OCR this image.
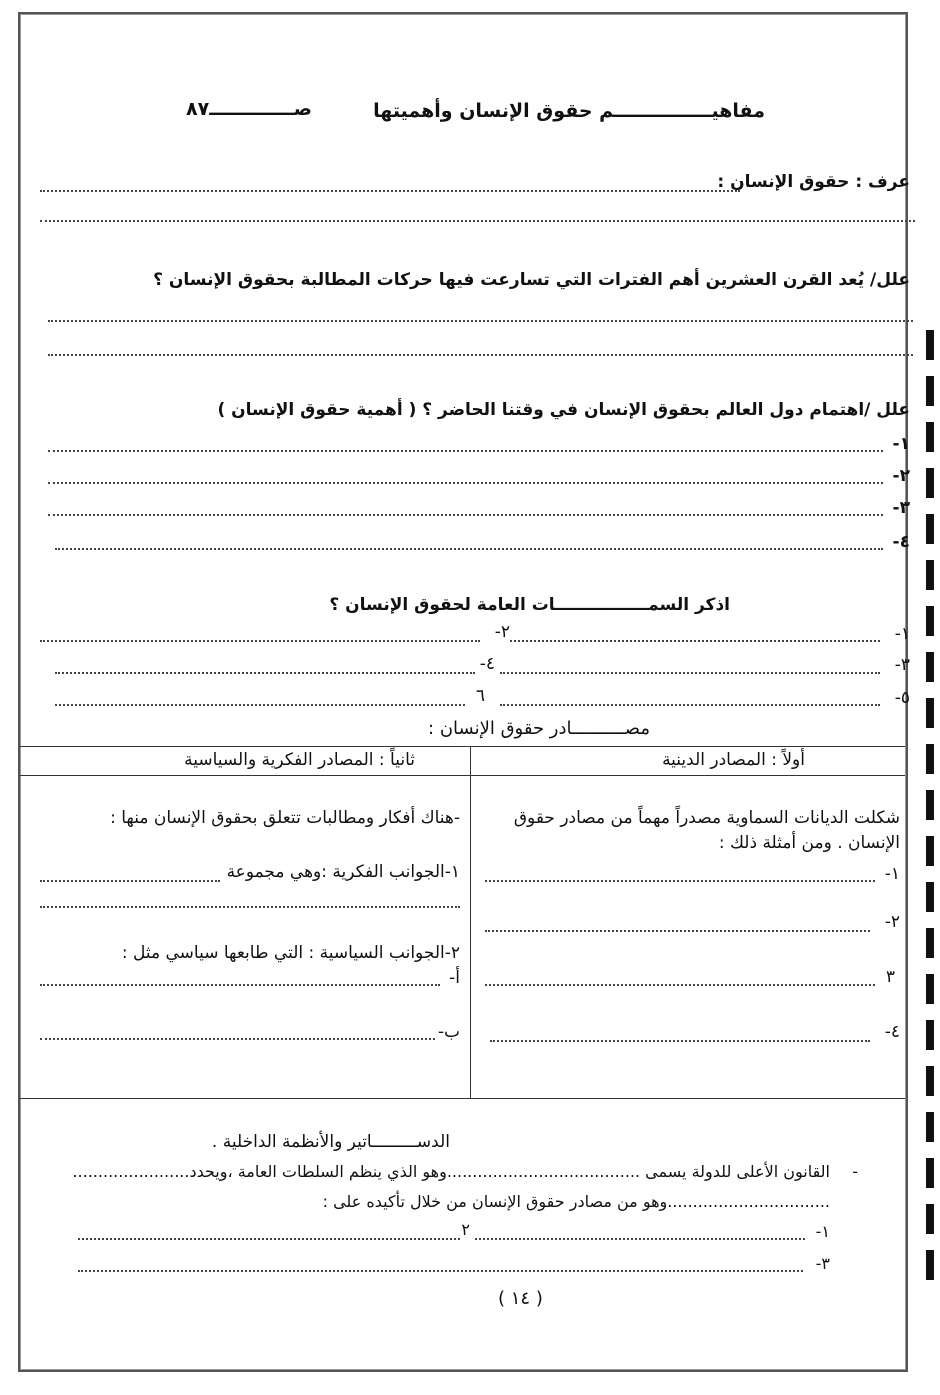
مفاهيـــــــــــــــم حقوق الإنسان وأهميتها
صـــــــــــــ٨٧
عرف : حقوق الإنسان :
علل/ يُعد القرن العشرين أهم الفترات التي تسارعت فيها حركات المطالبة بحقوق الإنسان ؟
علل /اهتمام دول العالم بحقوق الإنسان في وقتنا الحاضر ؟ ( أهمية حقوق الإنسان )
١-
٢-
٣-
٤-
اذكر السمــــــــــــــــات العامة لحقوق الإنسان ؟
١-
٢-
٣-
٤-
٥-
٦
مصــــــــــادر حقوق الإنسان :
أولاً : المصادر الدينية
ثانياً : المصادر الفكرية والسياسية
شكلت الديانات السماوية مصدراً مهماً من مصادر حقوق
الإنسان . ومن أمثلة ذلك :
١-
٢-
٣
٤-
-هناك أفكار ومطالبات تتعلق بحقوق الإنسان منها :
١-الجوانب الفكرية :وهي مجموعة
٢-الجوانب السياسية : التي طابعها سياسي مثل :
أ-
ب-
الدســـــــــاتير والأنظمة الداخلية .
-
القانون الأعلى للدولة يسمى ......................................وهو الذي ينظم السلطات العامة ،ويحدد.......................
................................وهو من مصادر حقوق الإنسان من خلال تأكيده على :
١-
٢
٣-
( ١٤ )
